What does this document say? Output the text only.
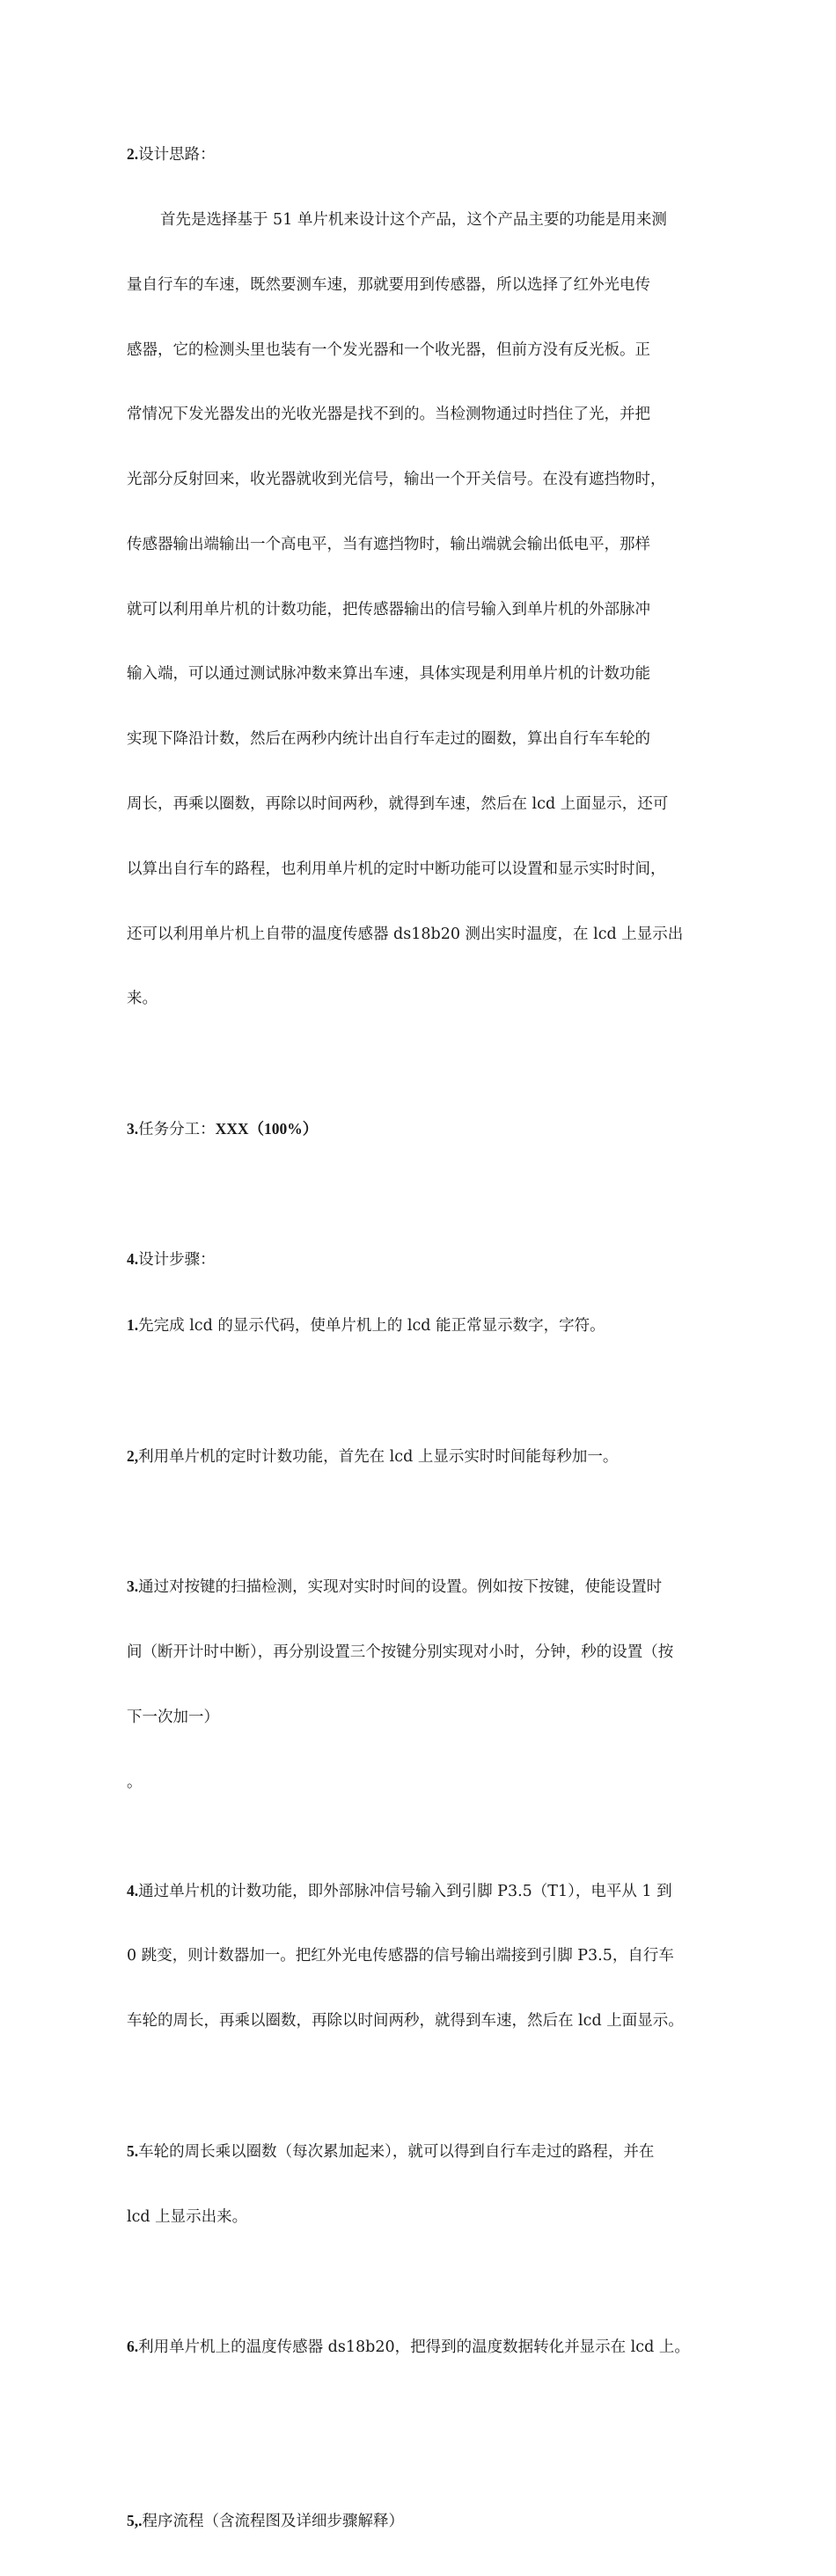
2.设计思路：

首先是选择基于 51 单片机来设计这个产品，这个产品主要的功能是用来测

量自行车的车速，既然要测车速，那就要用到传感器，所以选择了红外光电传

感器，它的检测头里也装有一个发光器和一个收光器，但前方没有反光板。正

常情况下发光器发出的光收光器是找不到的。当检测物通过时挡住了光，并把

光部分反射回来，收光器就收到光信号，输出一个开关信号。在没有遮挡物时，

传感器输出端输出一个高电平，当有遮挡物时，输出端就会输出低电平，那样

就可以利用单片机的计数功能，把传感器输出的信号输入到单片机的外部脉冲

输入端，可以通过测试脉冲数来算出车速，具体实现是利用单片机的计数功能

实现下降沿计数，然后在两秒内统计出自行车走过的圈数，算出自行车车轮的

周长，再乘以圈数，再除以时间两秒，就得到车速，然后在 lcd 上面显示，还可

以算出自行车的路程，也利用单片机的定时中断功能可以设置和显示实时时间，

还可以利用单片机上自带的温度传感器 ds18b20 测出实时温度，在 lcd 上显示出

来。

3.任务分工：XXX（100%）

4.设计步骤：

1.先完成 lcd 的显示代码，使单片机上的 lcd 能正常显示数字，字符。

2,利用单片机的定时计数功能，首先在 lcd 上显示实时时间能每秒加一。

3.通过对按键的扫描检测，实现对实时时间的设置。例如按下按键，使能设置时

间（断开计时中断），再分别设置三个按键分别实现对小时，分钟，秒的设置（按

下一次加一）

。

4.通过单片机的计数功能，即外部脉冲信号输入到引脚 P3.5（T1），电平从 1 到

0 跳变，则计数器加一。把红外光电传感器的信号输出端接到引脚 P3.5，自行车

车轮的周长，再乘以圈数，再除以时间两秒，就得到车速，然后在 lcd 上面显示。

5.车轮的周长乘以圈数（每次累加起来），就可以得到自行车走过的路程，并在

lcd 上显示出来。

6.利用单片机上的温度传感器 ds18b20，把得到的温度数据转化并显示在 lcd 上。

5,.程序流程（含流程图及详细步骤解释）
